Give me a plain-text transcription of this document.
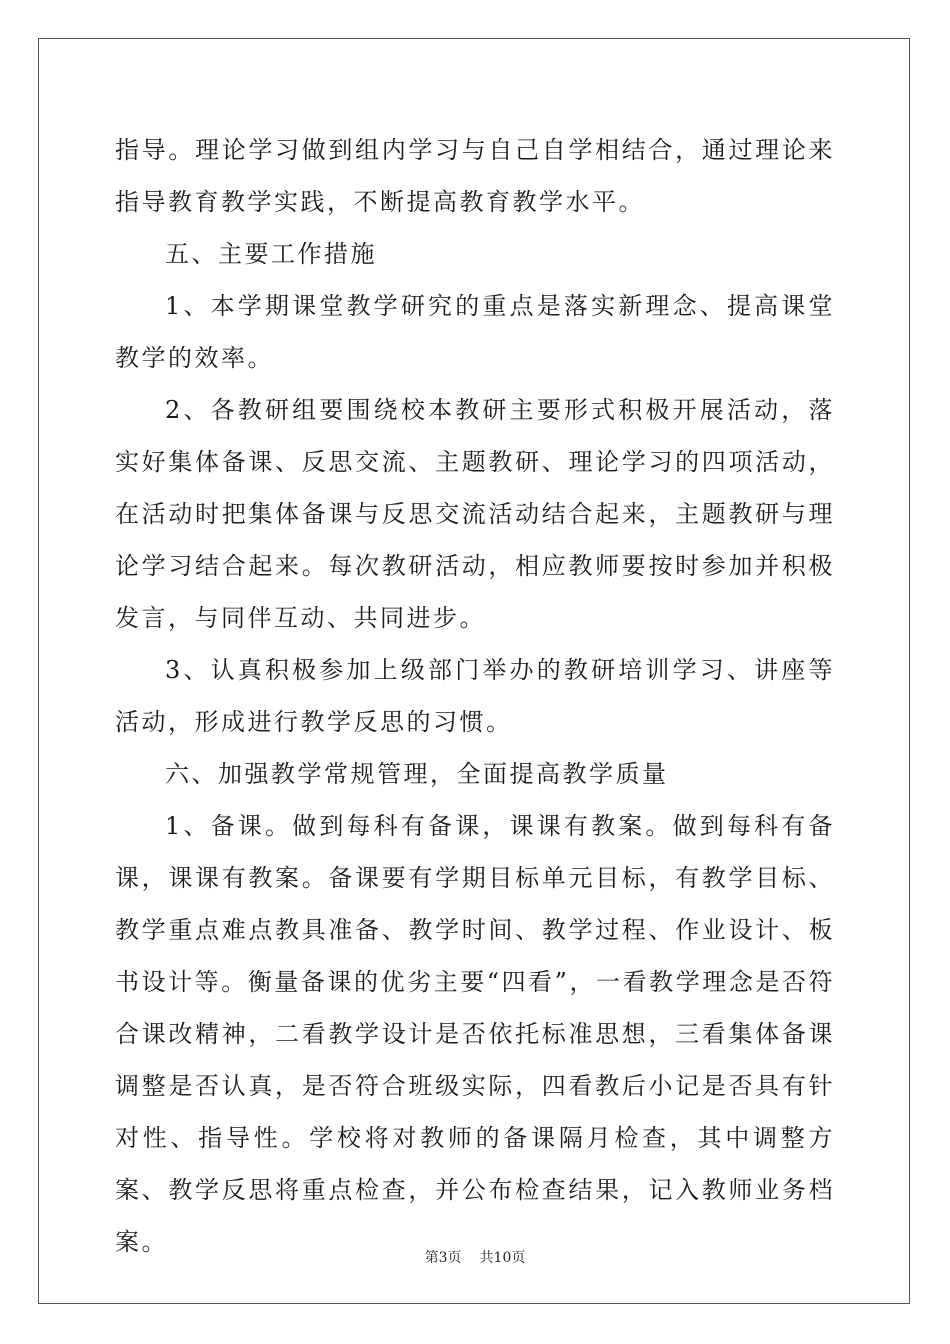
指导。理论学习做到组内学习与自己自学相结合，通过理论来指导教育教学实践，不断提高教育教学水平。

五、主要工作措施

1、本学期课堂教学研究的重点是落实新理念、提高课堂教学的效率。

2、各教研组要围绕校本教研主要形式积极开展活动，落实好集体备课、反思交流、主题教研、理论学习的四项活动，在活动时把集体备课与反思交流活动结合起来，主题教研与理论学习结合起来。每次教研活动，相应教师要按时参加并积极发言，与同伴互动、共同进步。

3、认真积极参加上级部门举办的教研培训学习、讲座等活动，形成进行教学反思的习惯。

六、加强教学常规管理，全面提高教学质量

1、备课。做到每科有备课，课课有教案。做到每科有备课，课课有教案。备课要有学期目标单元目标，有教学目标、教学重点难点教具准备、教学时间、教学过程、作业设计、板书设计等。衡量备课的优劣主要“四看”，一看教学理念是否符合课改精神，二看教学设计是否依托标准思想，三看集体备课调整是否认真，是否符合班级实际，四看教后小记是否具有针对性、指导性。学校将对教师的备课隔月检查，其中调整方案、教学反思将重点检查，并公布检查结果，记入教师业务档案。

第3页 共10页
